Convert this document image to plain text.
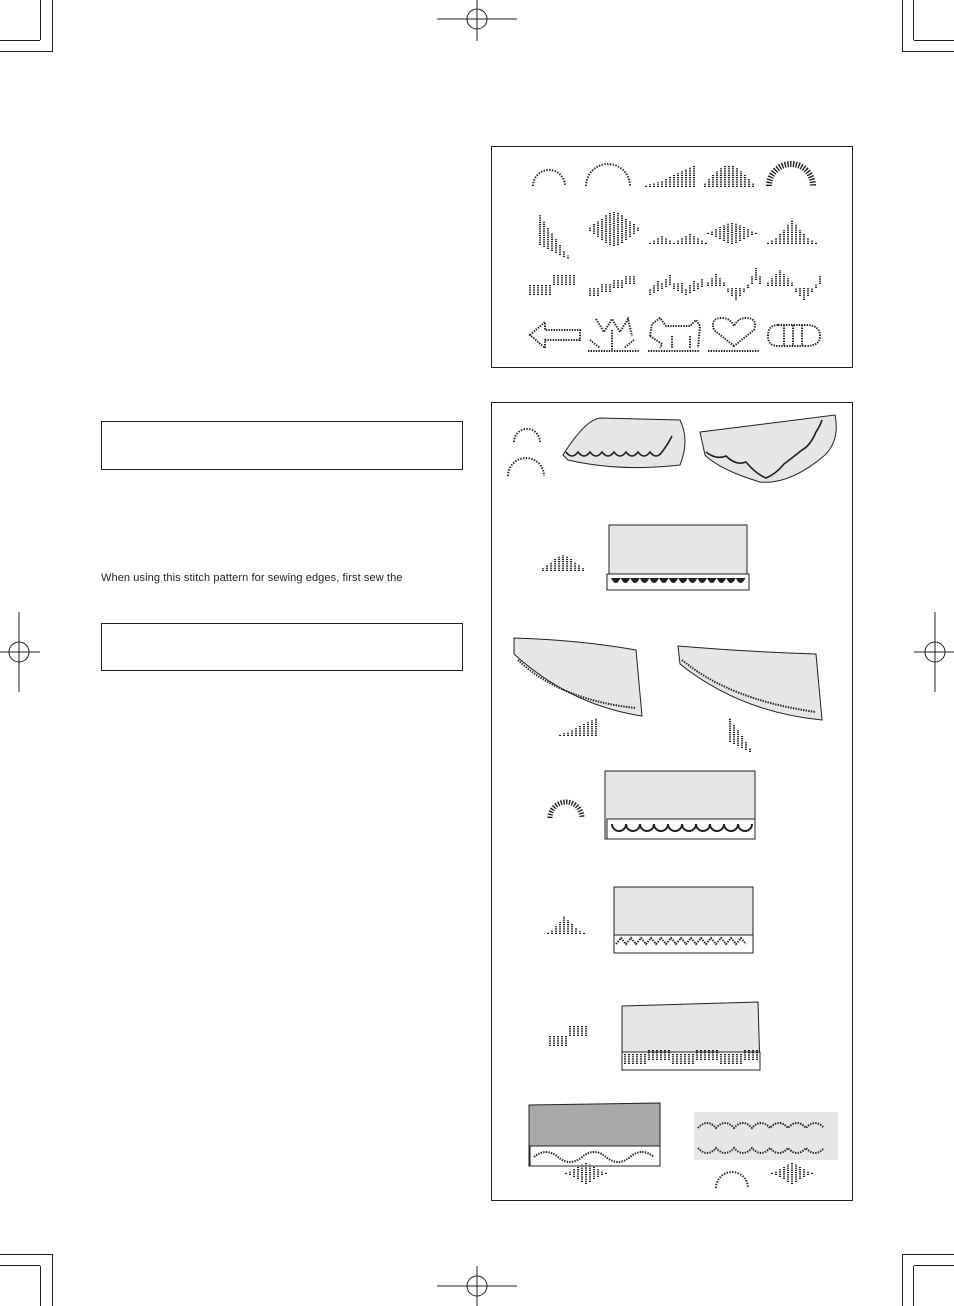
When using this stitch pattern for sewing edges, first sew the
